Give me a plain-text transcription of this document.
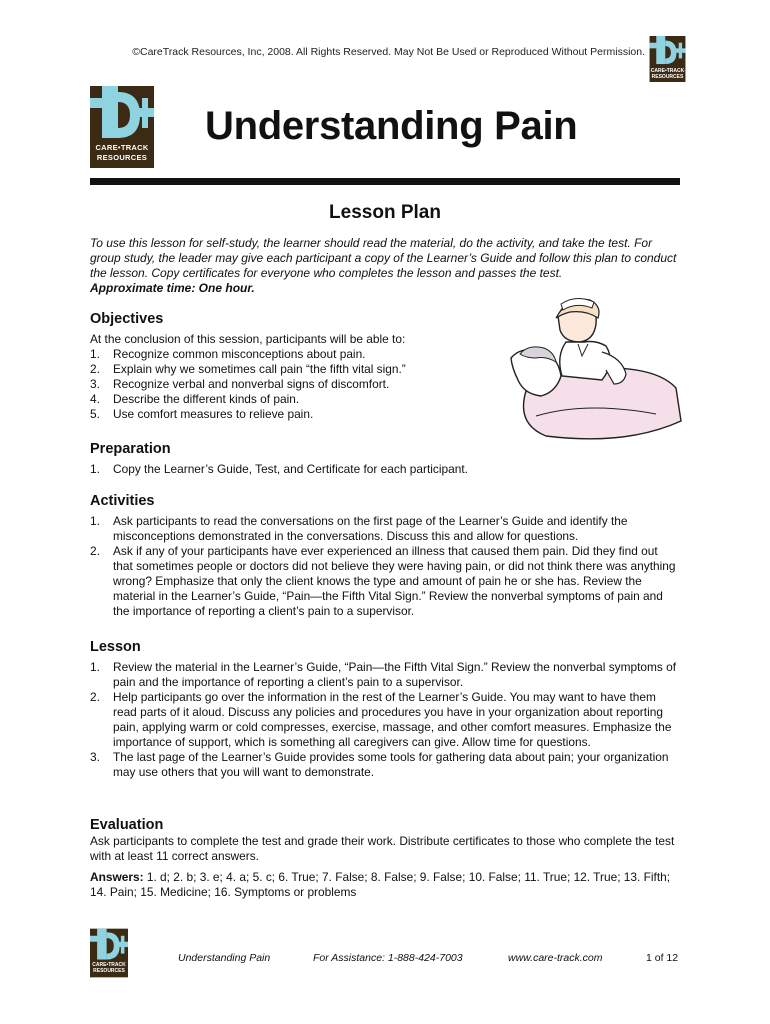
©CareTrack Resources, Inc, 2008. All Rights Reserved. May Not Be Used or Reproduced Without Permission.
CARE•TRACK
RESOURCES
CARE•TRACK
RESOURCES
Understanding Pain
Lesson Plan
To use this lesson for self-study, the learner should read the material, do the activity, and take the test. For group study, the leader may give each participant a copy of the Learner’s Guide and follow this plan to conduct the lesson. Copy certificates for everyone who completes the lesson and passes the test.
Approximate time: One hour.
Objectives
At the conclusion of this session, participants will be able to:
1. Recognize common misconceptions about pain.
2. Explain why we sometimes call pain “the fifth vital sign.”
3. Recognize verbal and nonverbal signs of discomfort.
4. Describe the different kinds of pain.
5. Use comfort measures to relieve pain.
Preparation
1. Copy the Learner’s Guide, Test, and Certificate for each participant.
Activities
1. Ask participants to read the conversations on the first page of the Learner’s Guide and identify the misconceptions demonstrated in the conversations. Discuss this and allow for questions.
2. Ask if any of your participants have ever experienced an illness that caused them pain. Did they find out that sometimes people or doctors did not believe they were having pain, or did not think there was anything wrong? Emphasize that only the client knows the type and amount of pain he or she has. Review the material in the Learner’s Guide, “Pain—the Fifth Vital Sign.” Review the nonverbal symptoms of pain and the importance of reporting a client’s pain to a supervisor.
Lesson
1. Review the material in the Learner’s Guide, “Pain—the Fifth Vital Sign.” Review the nonverbal symptoms of pain and the importance of reporting a client’s pain to a supervisor.
2. Help participants go over the information in the rest of the Learner’s Guide. You may want to have them read parts of it aloud. Discuss any policies and procedures you have in your organization about reporting pain, applying warm or cold compresses, exercise, massage, and other comfort measures. Emphasize the importance of support, which is something all caregivers can give. Allow time for questions.
3. The last page of the Learner’s Guide provides some tools for gathering data about pain; your organization may use others that you will want to demonstrate.
Evaluation
Ask participants to complete the test and grade their work. Distribute certificates to those who complete the test with at least 11 correct answers.
Answers: 1. d; 2. b; 3. e; 4. a; 5. c; 6. True; 7. False; 8. False; 9. False; 10. False; 11. True; 12. True; 13. Fifth; 14. Pain; 15. Medicine; 16. Symptoms or problems
CARE•TRACK
RESOURCES
Understanding Pain	For Assistance: 1-888-424-7003	www.care-track.com	1 of 12
